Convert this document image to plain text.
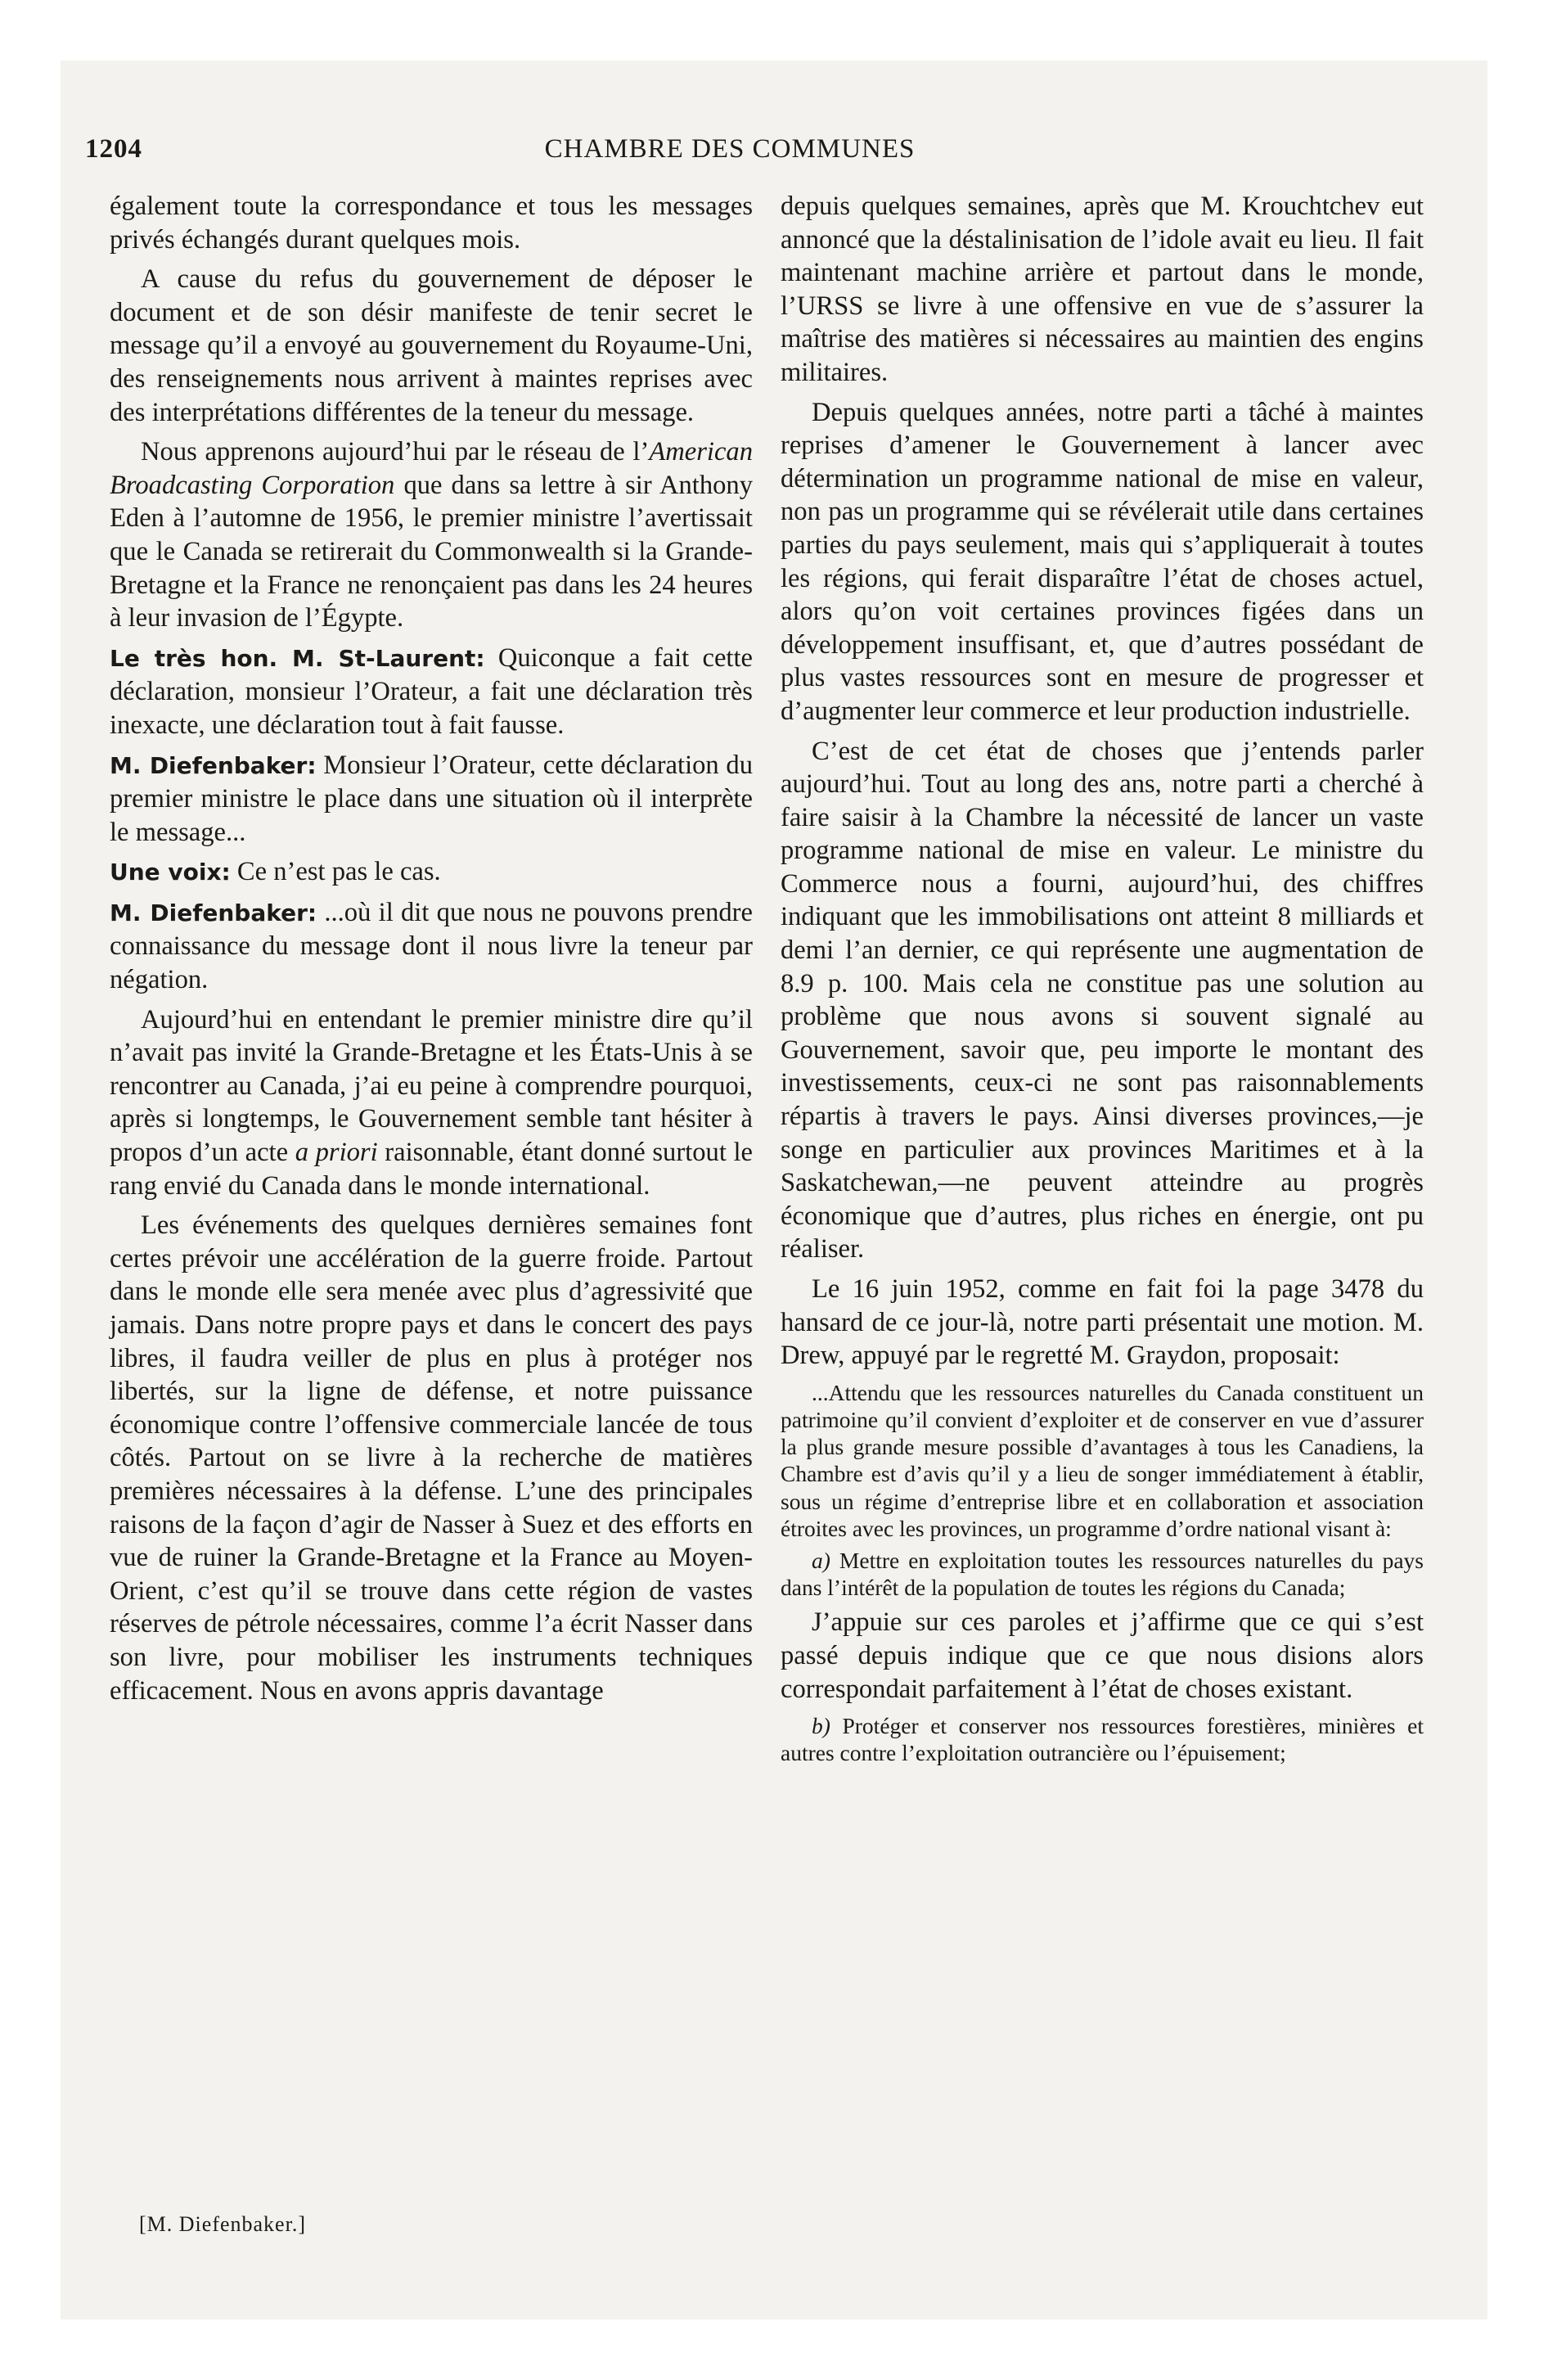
1204	CHAMBRE DES COMMUNES

également toute la correspondance et tous les messages privés échangés durant quelques mois.

A cause du refus du gouvernement de déposer le document et de son désir manifeste de tenir secret le message qu’il a envoyé au gouvernement du Royaume-Uni, des renseignements nous arrivent à maintes reprises avec des interprétations différentes de la teneur du message.

Nous apprenons aujourd’hui par le réseau de l’American Broadcasting Corporation que dans sa lettre à sir Anthony Eden à l’automne de 1956, le premier ministre l’avertissait que le Canada se retirerait du Commonwealth si la Grande-Bretagne et la France ne renonçaient pas dans les 24 heures à leur invasion de l’Égypte.

Le très hon. M. St-Laurent: Quiconque a fait cette déclaration, monsieur l’Orateur, a fait une déclaration très inexacte, une déclaration tout à fait fausse.

M. Diefenbaker: Monsieur l’Orateur, cette déclaration du premier ministre le place dans une situation où il interprète le message...

Une voix: Ce n’est pas le cas.

M. Diefenbaker: ...où il dit que nous ne pouvons prendre connaissance du message dont il nous livre la teneur par négation.

Aujourd’hui en entendant le premier ministre dire qu’il n’avait pas invité la Grande-Bretagne et les États-Unis à se rencontrer au Canada, j’ai eu peine à comprendre pourquoi, après si longtemps, le Gouvernement semble tant hésiter à propos d’un acte a priori raisonnable, étant donné surtout le rang envié du Canada dans le monde international.

Les événements des quelques dernières semaines font certes prévoir une accélération de la guerre froide. Partout dans le monde elle sera menée avec plus d’agressivité que jamais. Dans notre propre pays et dans le concert des pays libres, il faudra veiller de plus en plus à protéger nos libertés, sur la ligne de défense, et notre puissance économique contre l’offensive commerciale lancée de tous côtés. Partout on se livre à la recherche de matières premières nécessaires à la défense. L’une des principales raisons de la façon d’agir de Nasser à Suez et des efforts en vue de ruiner la Grande-Bretagne et la France au Moyen-Orient, c’est qu’il se trouve dans cette région de vastes réserves de pétrole nécessaires, comme l’a écrit Nasser dans son livre, pour mobiliser les instruments techniques efficacement. Nous en avons appris davantage

[M. Diefenbaker.]

depuis quelques semaines, après que M. Krouchtchev eut annoncé que la déstalinisation de l’idole avait eu lieu. Il fait maintenant machine arrière et partout dans le monde, l’URSS se livre à une offensive en vue de s’assurer la maîtrise des matières si nécessaires au maintien des engins militaires.

Depuis quelques années, notre parti a tâché à maintes reprises d’amener le Gouvernement à lancer avec détermination un programme national de mise en valeur, non pas un programme qui se révélerait utile dans certaines parties du pays seulement, mais qui s’appliquerait à toutes les régions, qui ferait disparaître l’état de choses actuel, alors qu’on voit certaines provinces figées dans un développement insuffisant, et, que d’autres possédant de plus vastes ressources sont en mesure de progresser et d’augmenter leur commerce et leur production industrielle.

C’est de cet état de choses que j’entends parler aujourd’hui. Tout au long des ans, notre parti a cherché à faire saisir à la Chambre la nécessité de lancer un vaste programme national de mise en valeur. Le ministre du Commerce nous a fourni, aujourd’hui, des chiffres indiquant que les immobilisations ont atteint 8 milliards et demi l’an dernier, ce qui représente une augmentation de 8.9 p. 100. Mais cela ne constitue pas une solution au problème que nous avons si souvent signalé au Gouvernement, savoir que, peu importe le montant des investissements, ceux-ci ne sont pas raisonnablements répartis à travers le pays. Ainsi diverses provinces,—je songe en particulier aux provinces Maritimes et à la Saskatchewan,—ne peuvent atteindre au progrès économique que d’autres, plus riches en énergie, ont pu réaliser.

Le 16 juin 1952, comme en fait foi la page 3478 du hansard de ce jour-là, notre parti présentait une motion. M. Drew, appuyé par le regretté M. Graydon, proposait:

...Attendu que les ressources naturelles du Canada constituent un patrimoine qu’il convient d’exploiter et de conserver en vue d’assurer la plus grande mesure possible d’avantages à tous les Canadiens, la Chambre est d’avis qu’il y a lieu de songer immédiatement à établir, sous un régime d’entreprise libre et en collaboration et association étroites avec les provinces, un programme d’ordre national visant à:

a) Mettre en exploitation toutes les ressources naturelles du pays dans l’intérêt de la population de toutes les régions du Canada;

J’appuie sur ces paroles et j’affirme que ce qui s’est passé depuis indique que ce que nous disions alors correspondait parfaitement à l’état de choses existant.

b) Protéger et conserver nos ressources forestières, minières et autres contre l’exploitation outrancière ou l’épuisement;
